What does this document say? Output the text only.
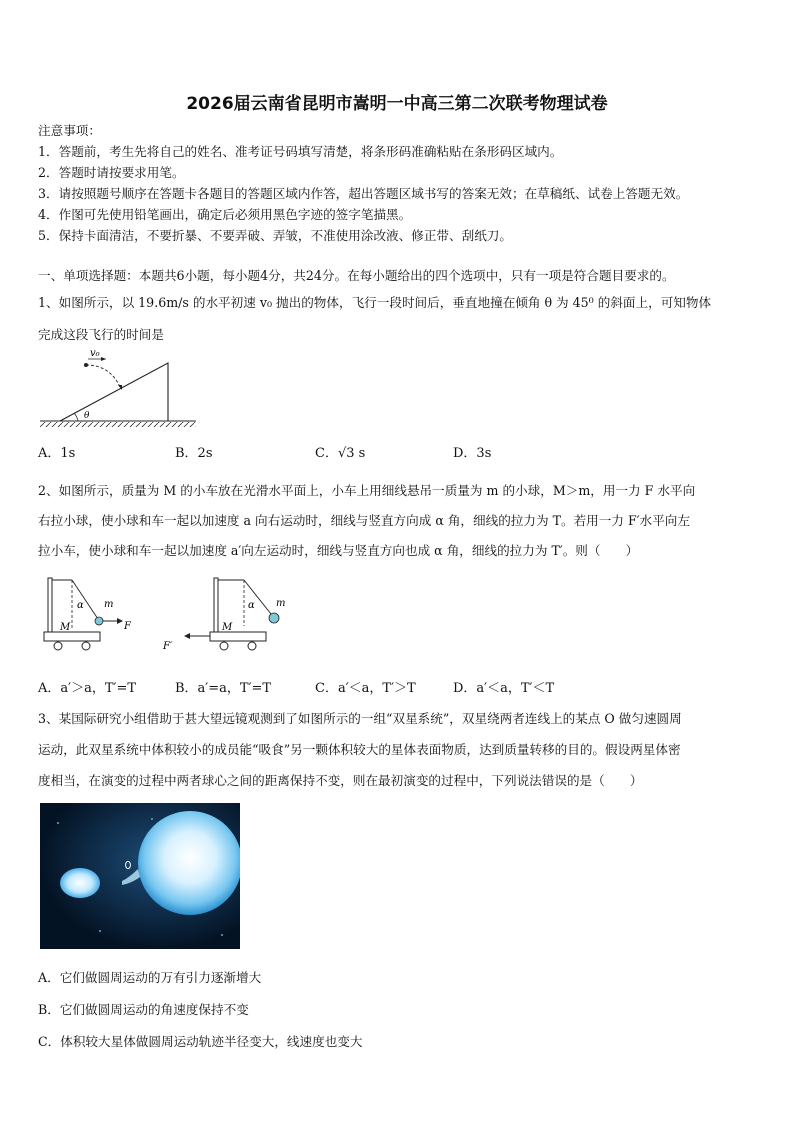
2026届云南省昆明市嵩明一中高三第二次联考物理试卷
注意事项：
1．答题前，考生先将自己的姓名、准考证号码填写清楚，将条形码准确粘贴在条形码区域内。
2．答题时请按要求用笔。
3．请按照题号顺序在答题卡各题目的答题区域内作答，超出答题区域书写的答案无效；在草稿纸、试卷上答题无效。
4．作图可先使用铅笔画出，确定后必须用黑色字迹的签字笔描黑。
5．保持卡面清洁，不要折暴、不要弄破、弄皱，不准使用涂改液、修正带、刮纸刀。
一、单项选择题：本题共6小题，每小题4分，共24分。在每小题给出的四个选项中，只有一项是符合题目要求的。
1、如图所示，以 19.6m/s 的水平初速 v₀ 抛出的物体，飞行一段时间后，垂直地撞在倾角 θ 为 45⁰ 的斜面上，可知物体
完成这段飞行的时间是
θ
v₀
A．1s	B．2s	C．√3 s	D．3s
2、如图所示，质量为 M 的小车放在光滑水平面上，小车上用细线悬吊一质量为 m 的小球，M＞m，用一力 F 水平向
右拉小球，使小球和车一起以加速度 a 向右运动时，细线与竖直方向成 α 角，细线的拉力为 T。若用一力 F′水平向左
拉小车，使小球和车一起以加速度 a′向左运动时，细线与竖直方向也成 α 角，细线的拉力为 T′。则（　　）
α m
F
M
α m
M
F′
A．a′＞a，T′=T	B．a′=a，T′=T	C．a′＜a，T′＞T	D．a′＜a，T′＜T
3、某国际研究小组借助于甚大望远镜观测到了如图所示的一组“双星系统”，双星绕两者连线上的某点 O 做匀速圆周
运动，此双星系统中体积较小的成员能“吸食”另一颗体积较大的星体表面物质，达到质量转移的目的。假设两星体密
度相当，在演变的过程中两者球心之间的距离保持不变，则在最初演变的过程中，下列说法错误的是（　　）
A．它们做圆周运动的万有引力逐渐增大
B．它们做圆周运动的角速度保持不变
C．体积较大星体做圆周运动轨迹半径变大，线速度也变大
